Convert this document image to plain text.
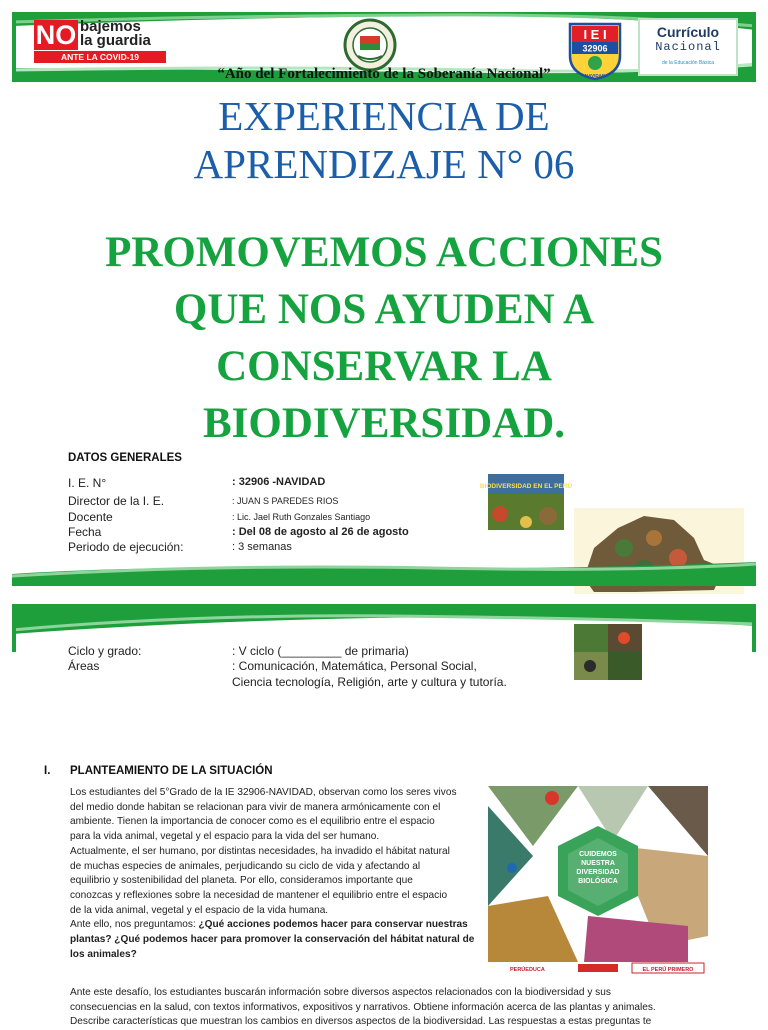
NO bajemos
la guardia
ANTE LA COVID-19
I E I
32906
NAVIDAD
Currículo
Nacional
de la Educación Básica
“Año del Fortalecimiento de la Soberanía Nacional”
EXPERIENCIA DE
APRENDIZAJE N° 06
PROMOVEMOS ACCIONES
QUE NOS AYUDEN A
CONSERVAR LA
BIODIVERSIDAD.
DATOS GENERALES
I. E. N°	: 32906 -NAVIDAD
Director de la I. E.	: JUAN S PAREDES RIOS
Docente	: Lic. Jael Ruth Gonzales Santiago
Fecha	: Del 08 de agosto al 26 de agosto
Periodo de ejecución:	: 3 semanas
BIODIVERSIDAD EN EL PERÚ
Ciclo y grado:	: V ciclo (_________ de primaria)
Áreas	: Comunicación, Matemática, Personal Social,
Ciencia tecnología, Religión, arte y cultura y tutoría.
I. PLANTEAMIENTO DE LA SITUACIÓN
Los estudiantes del 5°Grado de la IE 32906-NAVIDAD, observan como los seres vivos
del medio donde habitan se relacionan para vivir de manera armónicamente con el
ambiente. Tienen la importancia de conocer como es el equilibrio entre el espacio
para la vida animal, vegetal y el espacio para la vida del ser humano.
Actualmente, el ser humano, por distintas necesidades, ha invadido el hábitat natural
de muchas especies de animales, perjudicando su ciclo de vida y afectando al
equilibrio y sostenibilidad del planeta. Por ello, consideramos importante que
conozcas y reflexiones sobre la necesidad de mantener el equilibrio entre el espacio
de la vida animal, vegetal y el espacio de la vida humana.
Ante ello, nos preguntamos: ¿Qué acciones podemos hacer para conservar nuestras
plantas? ¿Qué podemos hacer para promover la conservación del hábitat natural de
los animales?
CUIDEMOS NUESTRA DIVERSIDAD BIOLÓGICA
PERÚEDUCA	EL PERÚ PRIMERO
Ante este desafío, los estudiantes buscarán información sobre diversos aspectos relacionados con la biodiversidad y sus
consecuencias en la salud, con textos informativos, expositivos y narrativos. Obtiene información acerca de las plantas y animales.
Describe características que muestran los cambios en diversos aspectos de la biodiversidad. Las respuestas a estas preguntas te
